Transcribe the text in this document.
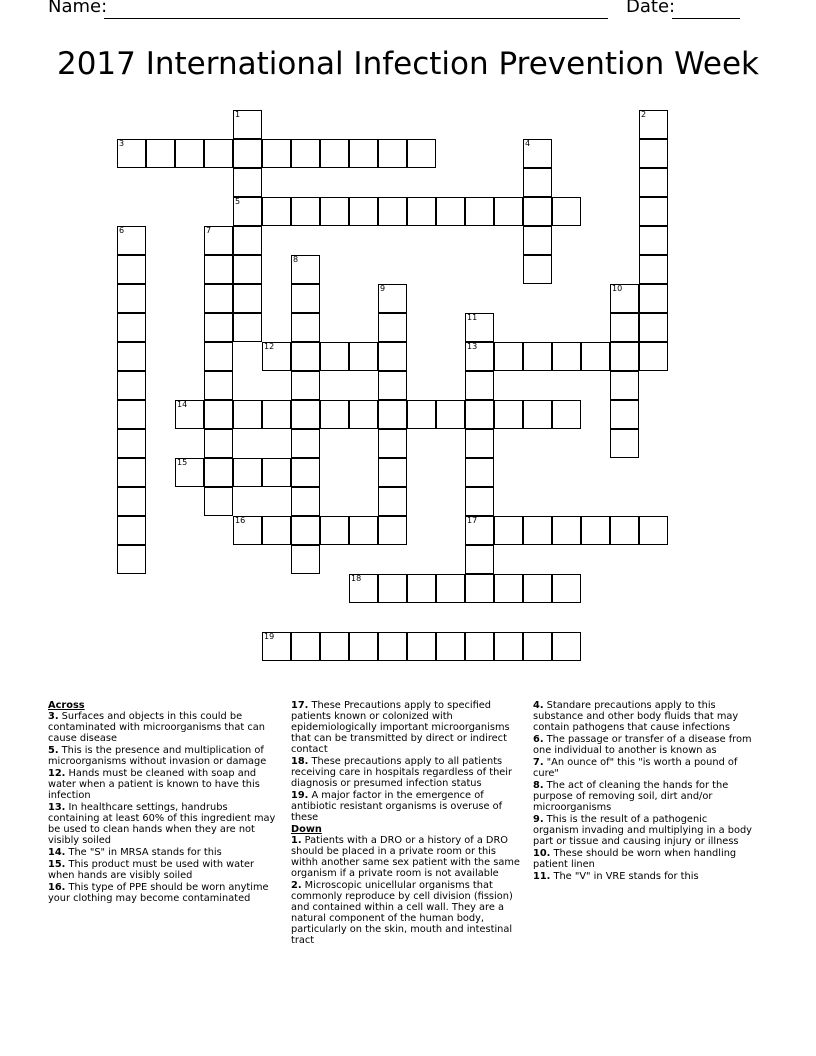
Name:	Date:
2017 International Infection Prevention Week
1
5
2
3	4
6	7
8
9	10
11
13
17
12
14
15
16
18
19
Across
3. Surfaces and objects in this could be contaminated with microorganisms that can cause disease
5. This is the presence and multiplication of microorganisms without invasion or damage
12. Hands must be cleaned with soap and water when a patient is known to have this infection
13. In healthcare settings, handrubs containing at least 60% of this ingredient may be used to clean hands when they are not visibly soiled
14. The "S" in MRSA stands for this
15. This product must be used with water when hands are visibly soiled
16. This type of PPE should be worn anytime your clothing may become contaminated
17. These Precautions apply to specified patients known or colonized with epidemiologically important microorganisms that can be transmitted by direct or indirect contact
18. These precautions apply to all patients receiving care in hospitals regardless of their diagnosis or presumed infection status
19. A major factor in the emergence of antibiotic resistant organisms is overuse of these
Down
1. Patients with a DRO or a history of a DRO should be placed in a private room or this withh another same sex patient with the same organism if a private room is not available
2. Microscopic unicellular organisms that commonly reproduce by cell division (fission) and contained within a cell wall. They are a natural component of the human body, particularly on the skin, mouth and intestinal tract
4. Standare precautions apply to this substance and other body fluids that may contain pathogens that cause infections
6. The passage or transfer of a disease from one individual to another is known as
7. "An ounce of" this "is worth a pound of cure"
8. The act of cleaning the hands for the purpose of removing soil, dirt and/or microorganisms
9. This is the result of a pathogenic organism invading and multiplying in a body part or tissue and causing injury or illness
10. These should be worn when handling patient linen
11. The "V" in VRE stands for this
